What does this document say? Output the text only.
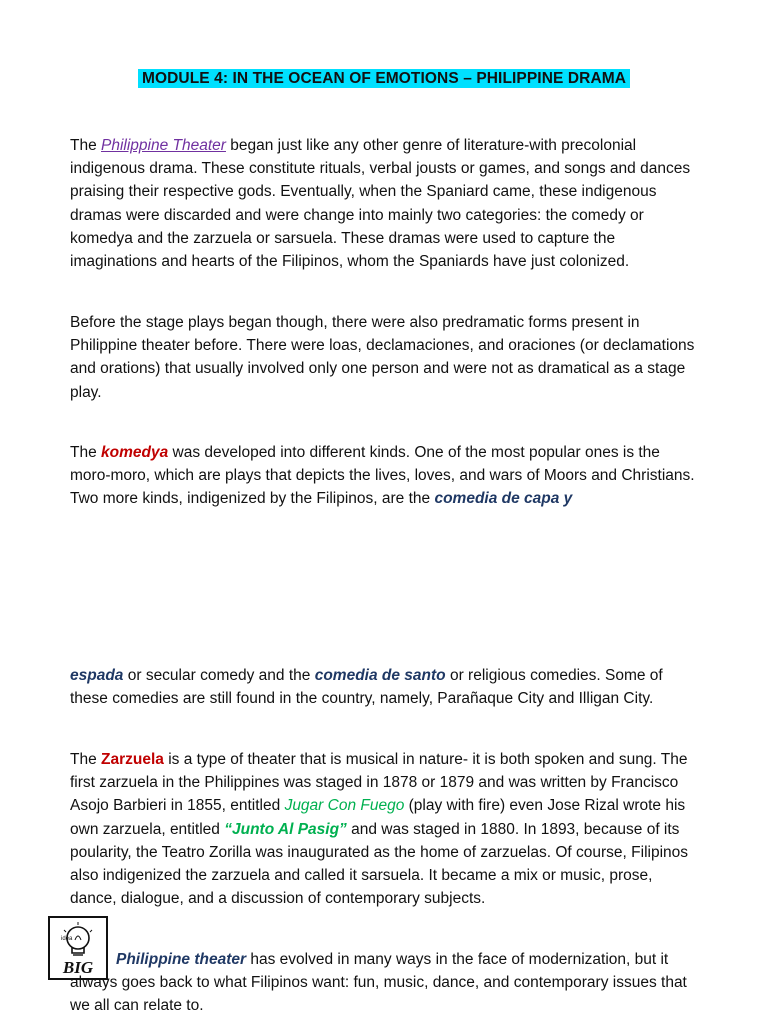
MODULE 4: IN THE OCEAN OF EMOTIONS – PHILIPPINE DRAMA

The Philippine Theater began just like any other genre of literature-with precolonial indigenous drama. These constitute rituals, verbal jousts or games, and songs and dances praising their respective gods. Eventually, when the Spaniard came, these indigenous dramas were discarded and were change into mainly two categories: the comedy or komedya and the zarzuela or sarsuela. These dramas were used to capture the imaginations and hearts of the Filipinos, whom the Spaniards have just colonized.

Before the stage plays began though, there were also predramatic forms present in Philippine theater before. There were loas, declamaciones, and oraciones (or declamations and orations) that usually involved only one person and were not as dramatical as a stage play.

The komedya was developed into different kinds. One of the most popular ones is the moro-moro, which are plays that depicts the lives, loves, and wars of Moors and Christians. Two more kinds, indigenized by the Filipinos, are the comedia de capa y

espada or secular comedy and the comedia de santo or religious comedies. Some of these comedies are still found in the country, namely, Parañaque City and Illigan City.

The Zarzuela is a type of theater that is musical in nature- it is both spoken and sung. The first zarzuela in the Philippines was staged in 1878 or 1879 and was written by Francisco Asojo Barbieri in 1855, entitled Jugar Con Fuego (play with fire) even Jose Rizal wrote his own zarzuela, entitled “Junto Al Pasig” and was staged in 1880. In 1893, because of its poularity, the Teatro Zorilla was inaugurated as the home of zarzuelas. Of course, Filipinos also indigenized the zarzuela and called it sarsuela. It became a mix or music, prose, dance, dialogue, and a discussion of contemporary subjects.

idea
BIG	Philippine theater has evolved in many ways in the face of modernization, but it always goes back to what Filipinos want: fun, music, dance, and contemporary issues that we all can relate to.
